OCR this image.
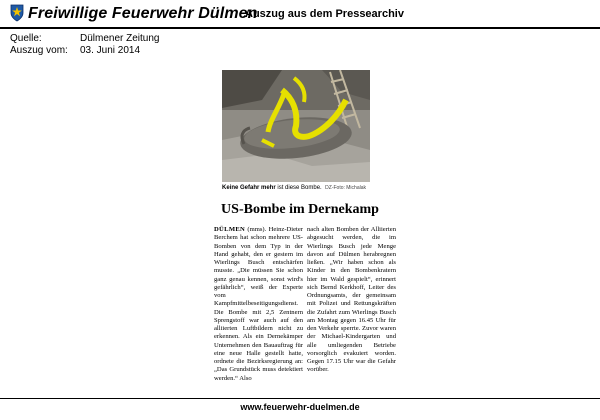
Freiwillige Feuerwehr Dülmen
Auszug aus dem Pressearchiv
Quelle:	Dülmener Zeitung
Auszug vom: 03. Juni 2014
Keine Gefahr mehr ist diese Bombe. DZ-Foto: Michalak
US-Bombe im Dernekamp
DÜLMEN (mms). Heinz-Dieter Berchem hat schon mehrere US-Bomben von dem Typ in der Hand gehabt, den er gestern im Wierlings Busch entschärfen musste. „Die müssen Sie schon ganz genau kennen, sonst wird's gefährlich“, weiß der Experte vom Kampfmittelbeseitigungsdienst. Die Bombe mit 2,5 Zentnern Sprengstoff war auch auf den alliierten Luftbildern nicht zu erkennen. Als ein Dernekämper Unternehmen den Bauauftrag für eine neue Halle gestellt hatte, ordnete die Bezirksregierung an: „Das Grundstück muss detektiert werden.“ Also
nach alten Bomben der Alliierten abgesucht werden, die im Wierlings Busch jede Menge davon auf Dülmen herabregnen ließen. „Wir haben schon als Kinder in den Bombenkratern hier im Wald gespielt“, erinnert sich Bernd Kerkhoff, Leiter des Ordnungsamts, der gemeinsam mit Polizei und Rettungskräften die Zufahrt zum Wierlings Busch am Montag gegen 16.45 Uhr für den Verkehr sperrte. Zuvor waren der Michael-Kindergarten und alle umliegenden Betriebe vorsorglich evakuiert worden. Gegen 17.15 Uhr war die Gefahr vorüber.
www.feuerwehr-duelmen.de
